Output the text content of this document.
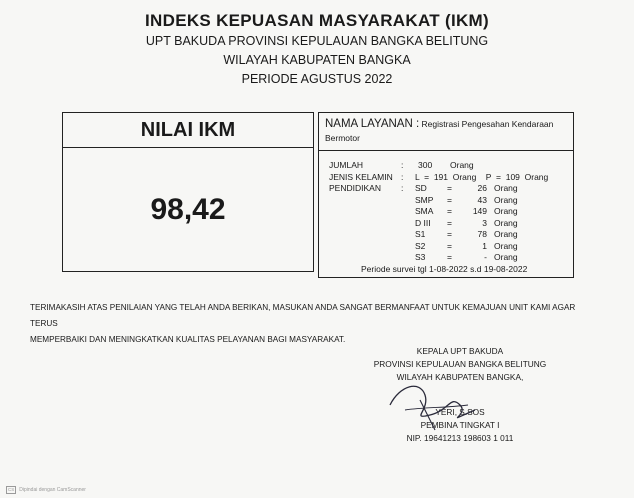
INDEKS KEPUASAN MASYARAKAT (IKM)
UPT BAKUDA PROVINSI KEPULAUAN BANGKA BELITUNG
WILAYAH KABUPATEN BANGKA
PERIODE AGUSTUS 2022
NILAI IKM
98,42
NAMA LAYANAN : Registrasi Pengesahan Kendaraan
Bermotor
JUMLAH	: 300 Orang
JENIS KELAMIN : L  =  191  Orang    P  =  109  Orang
PENDIDIKAN : SD =	26 Orang
SMP =	43 Orang
SMA =	149 Orang
D III =	3 Orang
S1	=	78 Orang
S2	=	1 Orang
S3	=	- Orang
Periode survei tgl 1-08-2022 s.d 19-08-2022
TERIMAKASIH ATAS PENILAIAN YANG TELAH ANDA BERIKAN, MASUKAN ANDA SANGAT BERMANFAAT UNTUK KEMAJUAN UNIT KAMI AGAR TERUS
MEMPERBAIKI DAN MENINGKATKAN KUALITAS PELAYANAN BAGI MASYARAKAT.
KEPALA UPT BAKUDA
PROVINSI KEPULAUAN BANGKA BELITUNG
WILAYAH KABUPATEN BANGKA,
YERI, S.SOS
PEMBINA TINGKAT I
NIP. 19641213 198603 1 011
CS	Dipindai dengan CamScanner
